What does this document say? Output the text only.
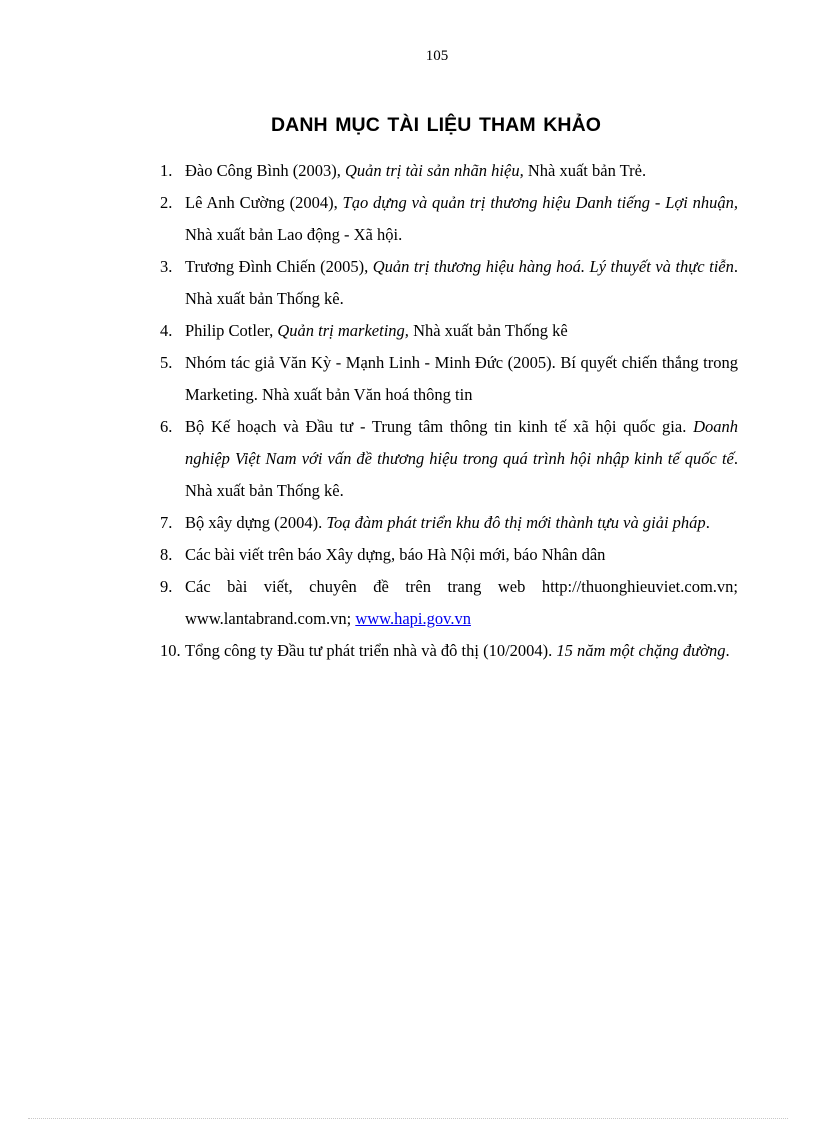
105
DANH MỤC TÀI LIỆU THAM KHẢO
1. Đào Công Bình (2003), Quản trị tài sản nhãn hiệu, Nhà xuất bản Trẻ.
2. Lê Anh Cường (2004), Tạo dựng và quản trị thương hiệu Danh tiếng - Lợi nhuận, Nhà xuất bản Lao động - Xã hội.
3. Trương Đình Chiến (2005), Quản trị thương hiệu hàng hoá. Lý thuyết và thực tiễn. Nhà xuất bản Thống kê.
4. Philip Cotler, Quản trị marketing, Nhà xuất bản Thống kê
5. Nhóm tác giả Văn Kỳ - Mạnh Linh - Minh Đức (2005). Bí quyết chiến thắng trong Marketing. Nhà xuất bản Văn hoá thông tin
6. Bộ Kế hoạch và Đầu tư - Trung tâm thông tin kinh tế xã hội quốc gia. Doanh nghiệp Việt Nam với vấn đề thương hiệu trong quá trình hội nhập kinh tế quốc tế. Nhà xuất bản Thống kê.
7. Bộ xây dựng (2004). Toạ đàm phát triển khu đô thị mới thành tựu và giải pháp.
8. Các bài viết trên báo Xây dựng, báo Hà Nội mới, báo Nhân dân
9. Các bài viết, chuyên đề trên trang web http://thuonghieuviet.com.vn; www.lantabrand.com.vn; www.hapi.gov.vn
10. Tổng công ty Đầu tư phát triển nhà và đô thị (10/2004). 15 năm một chặng đường.
